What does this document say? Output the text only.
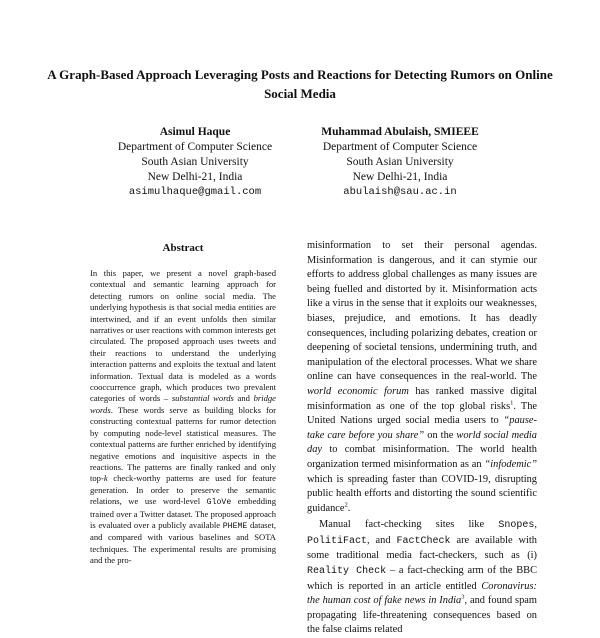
A Graph-Based Approach Leveraging Posts and Reactions for Detecting Rumors on Online Social Media
Asimul Haque
Department of Computer Science
South Asian University
New Delhi-21, India
asimulhaque@gmail.com
Muhammad Abulaish, SMIEEE
Department of Computer Science
South Asian University
New Delhi-21, India
abulaish@sau.ac.in
Abstract

In this paper, we present a novel graph-based contextual and semantic learning approach for detecting rumors on online social media. The underlying hypothesis is that social media entities are intertwined, and if an event unfolds then similar narratives or user reactions with common interests get circulated. The proposed approach uses tweets and their reactions to understand the underlying interaction patterns and exploits the textual and latent information. Textual data is modeled as a words cooccurrence graph, which produces two prevalent categories of words – substantial words and bridge words. These words serve as building blocks for constructing contextual patterns for rumor detection by computing node-level statistical measures. The contextual patterns are further enriched by identifying negative emotions and inquisitive aspects in the reactions. The patterns are finally ranked and only top-k check-worthy patterns are used for feature generation. In order to preserve the semantic relations, we use word-level GloVe embedding trained over a Twitter dataset. The proposed approach is evaluated over a publicly available PHEME dataset, and compared with various baselines and SOTA techniques. The experimental results are promising and the pro-

misinformation to set their personal agendas. Misinformation is dangerous, and it can stymie our efforts to address global challenges as many issues are being fuelled and distorted by it. Misinformation acts like a virus in the sense that it exploits our weaknesses, biases, prejudice, and emotions. It has deadly consequences, including polarizing debates, creation or deepening of societal tensions, undermining truth, and manipulation of the electoral processes. What we share online can have consequences in the real-world. The world economic forum has ranked massive digital misinformation as one of the top global risks$^1$. The United Nations urged social media users to “pause- take care before you share” on the world social media day to combat misinformation. The world health organization termed misinformation as an “infodemic” which is spreading faster than COVID-19, disrupting public health efforts and distorting the sound scientific guidance$^2$.

Manual fact-checking sites like Snopes, PolitiFact, and FactCheck are available with some traditional media fact-checkers, such as (i) Reality Check – a fact-checking arm of the BBC which is reported in an article entitled Coronavirus: the human cost of fake news in India$^3$, and found spam propagating life-threatening consequences based on the false claims related
